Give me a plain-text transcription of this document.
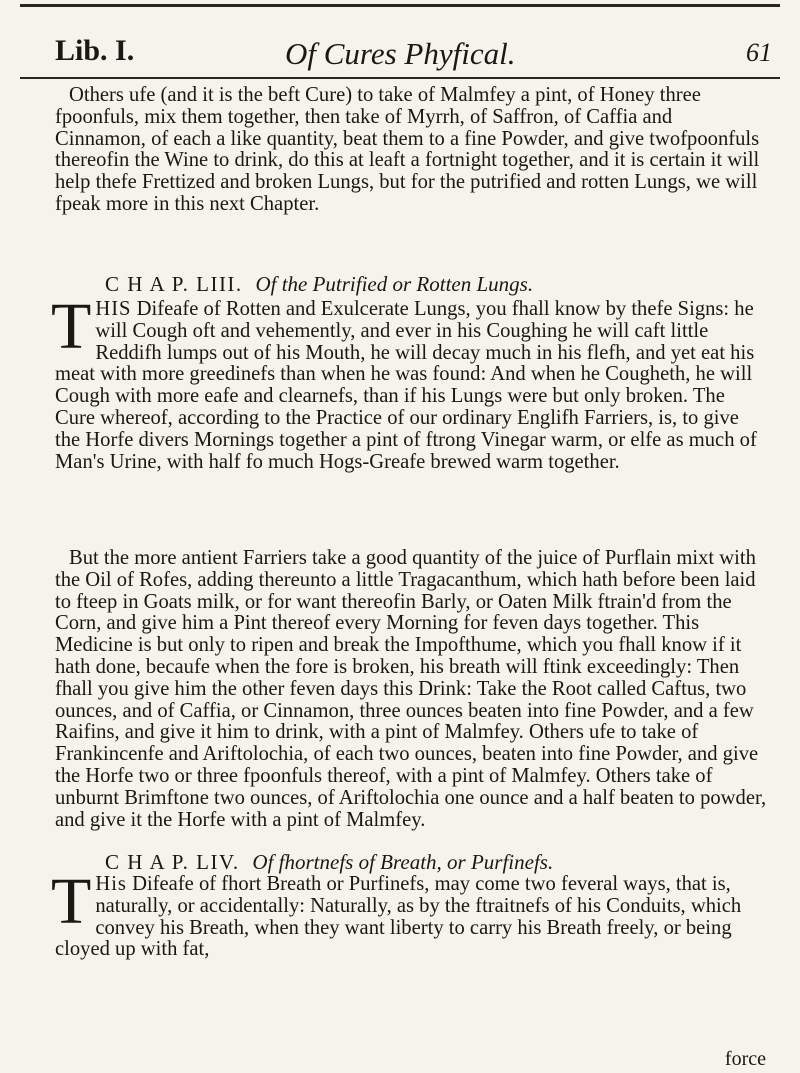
Lib. I.	Of Cures Phyfical.	61
Others ufe (and it is the beft Cure) to take of Malmfey a pint, of Honey three fpoonfuls, mix them together, then take of Myrrh, of Saffron, of Caffia and Cinnamon, of each a like quantity, beat them to a fine Powder, and give twofpoonfuls thereofin the Wine to drink, do this at leaft a fortnight together, and it is certain it will help thefe Frettized and broken Lungs, but for the putrified and rotten Lungs, we will fpeak more in this next Chapter.
C H A P. LIII. Of the Putrified or Rotten Lungs.
THIS Difeafe of Rotten and Exulcerate Lungs, you fhall know by thefe Signs: he will Cough oft and vehemently, and ever in his Coughing he will caft little Reddifh lumps out of his Mouth, he will decay much in his flefh, and yet eat his meat with more greedinefs than when he was found: And when he Cougheth, he will Cough with more eafe and clearnefs, than if his Lungs were but only broken. The Cure whereof, according to the Practice of our ordinary Englifh Farriers, is, to give the Horfe divers Mornings together a pint of ftrong Vinegar warm, or elfe as much of Man's Urine, with half fo much Hogs-Greafe brewed warm together.
But the more antient Farriers take a good quantity of the juice of Purflain mixt with the Oil of Rofes, adding thereunto a little Tragacanthum, which hath before been laid to fteep in Goats milk, or for want thereofin Barly, or Oaten Milk ftrain'd from the Corn, and give him a Pint thereof every Morning for feven days together. This Medicine is but only to ripen and break the Impofthume, which you fhall know if it hath done, becaufe when the fore is broken, his breath will ftink exceedingly: Then fhall you give him the other feven days this Drink: Take the Root called Caftus, two ounces, and of Caffia, or Cinnamon, three ounces beaten into fine Powder, and a few Raifins, and give it him to drink, with a pint of Malmfey. Others ufe to take of Frankincenfe and Ariftolochia, of each two ounces, beaten into fine Powder, and give the Horfe two or three fpoonfuls thereof, with a pint of Malmfey. Others take of unburnt Brimftone two ounces, of Ariftolochia one ounce and a half beaten to powder, and give it the Horfe with a pint of Malmfey.
C H A P. LIV. Of fhortnefs of Breath, or Purfinefs.
T His Difeafe of fhort Breath or Purfinefs, may come two feveral ways, that is, naturally, or accidentally: Naturally, as by the ftraitnefs of his Conduits, which convey his Breath, when they want liberty to carry his Breath freely, or being cloyed up with fat,
force
